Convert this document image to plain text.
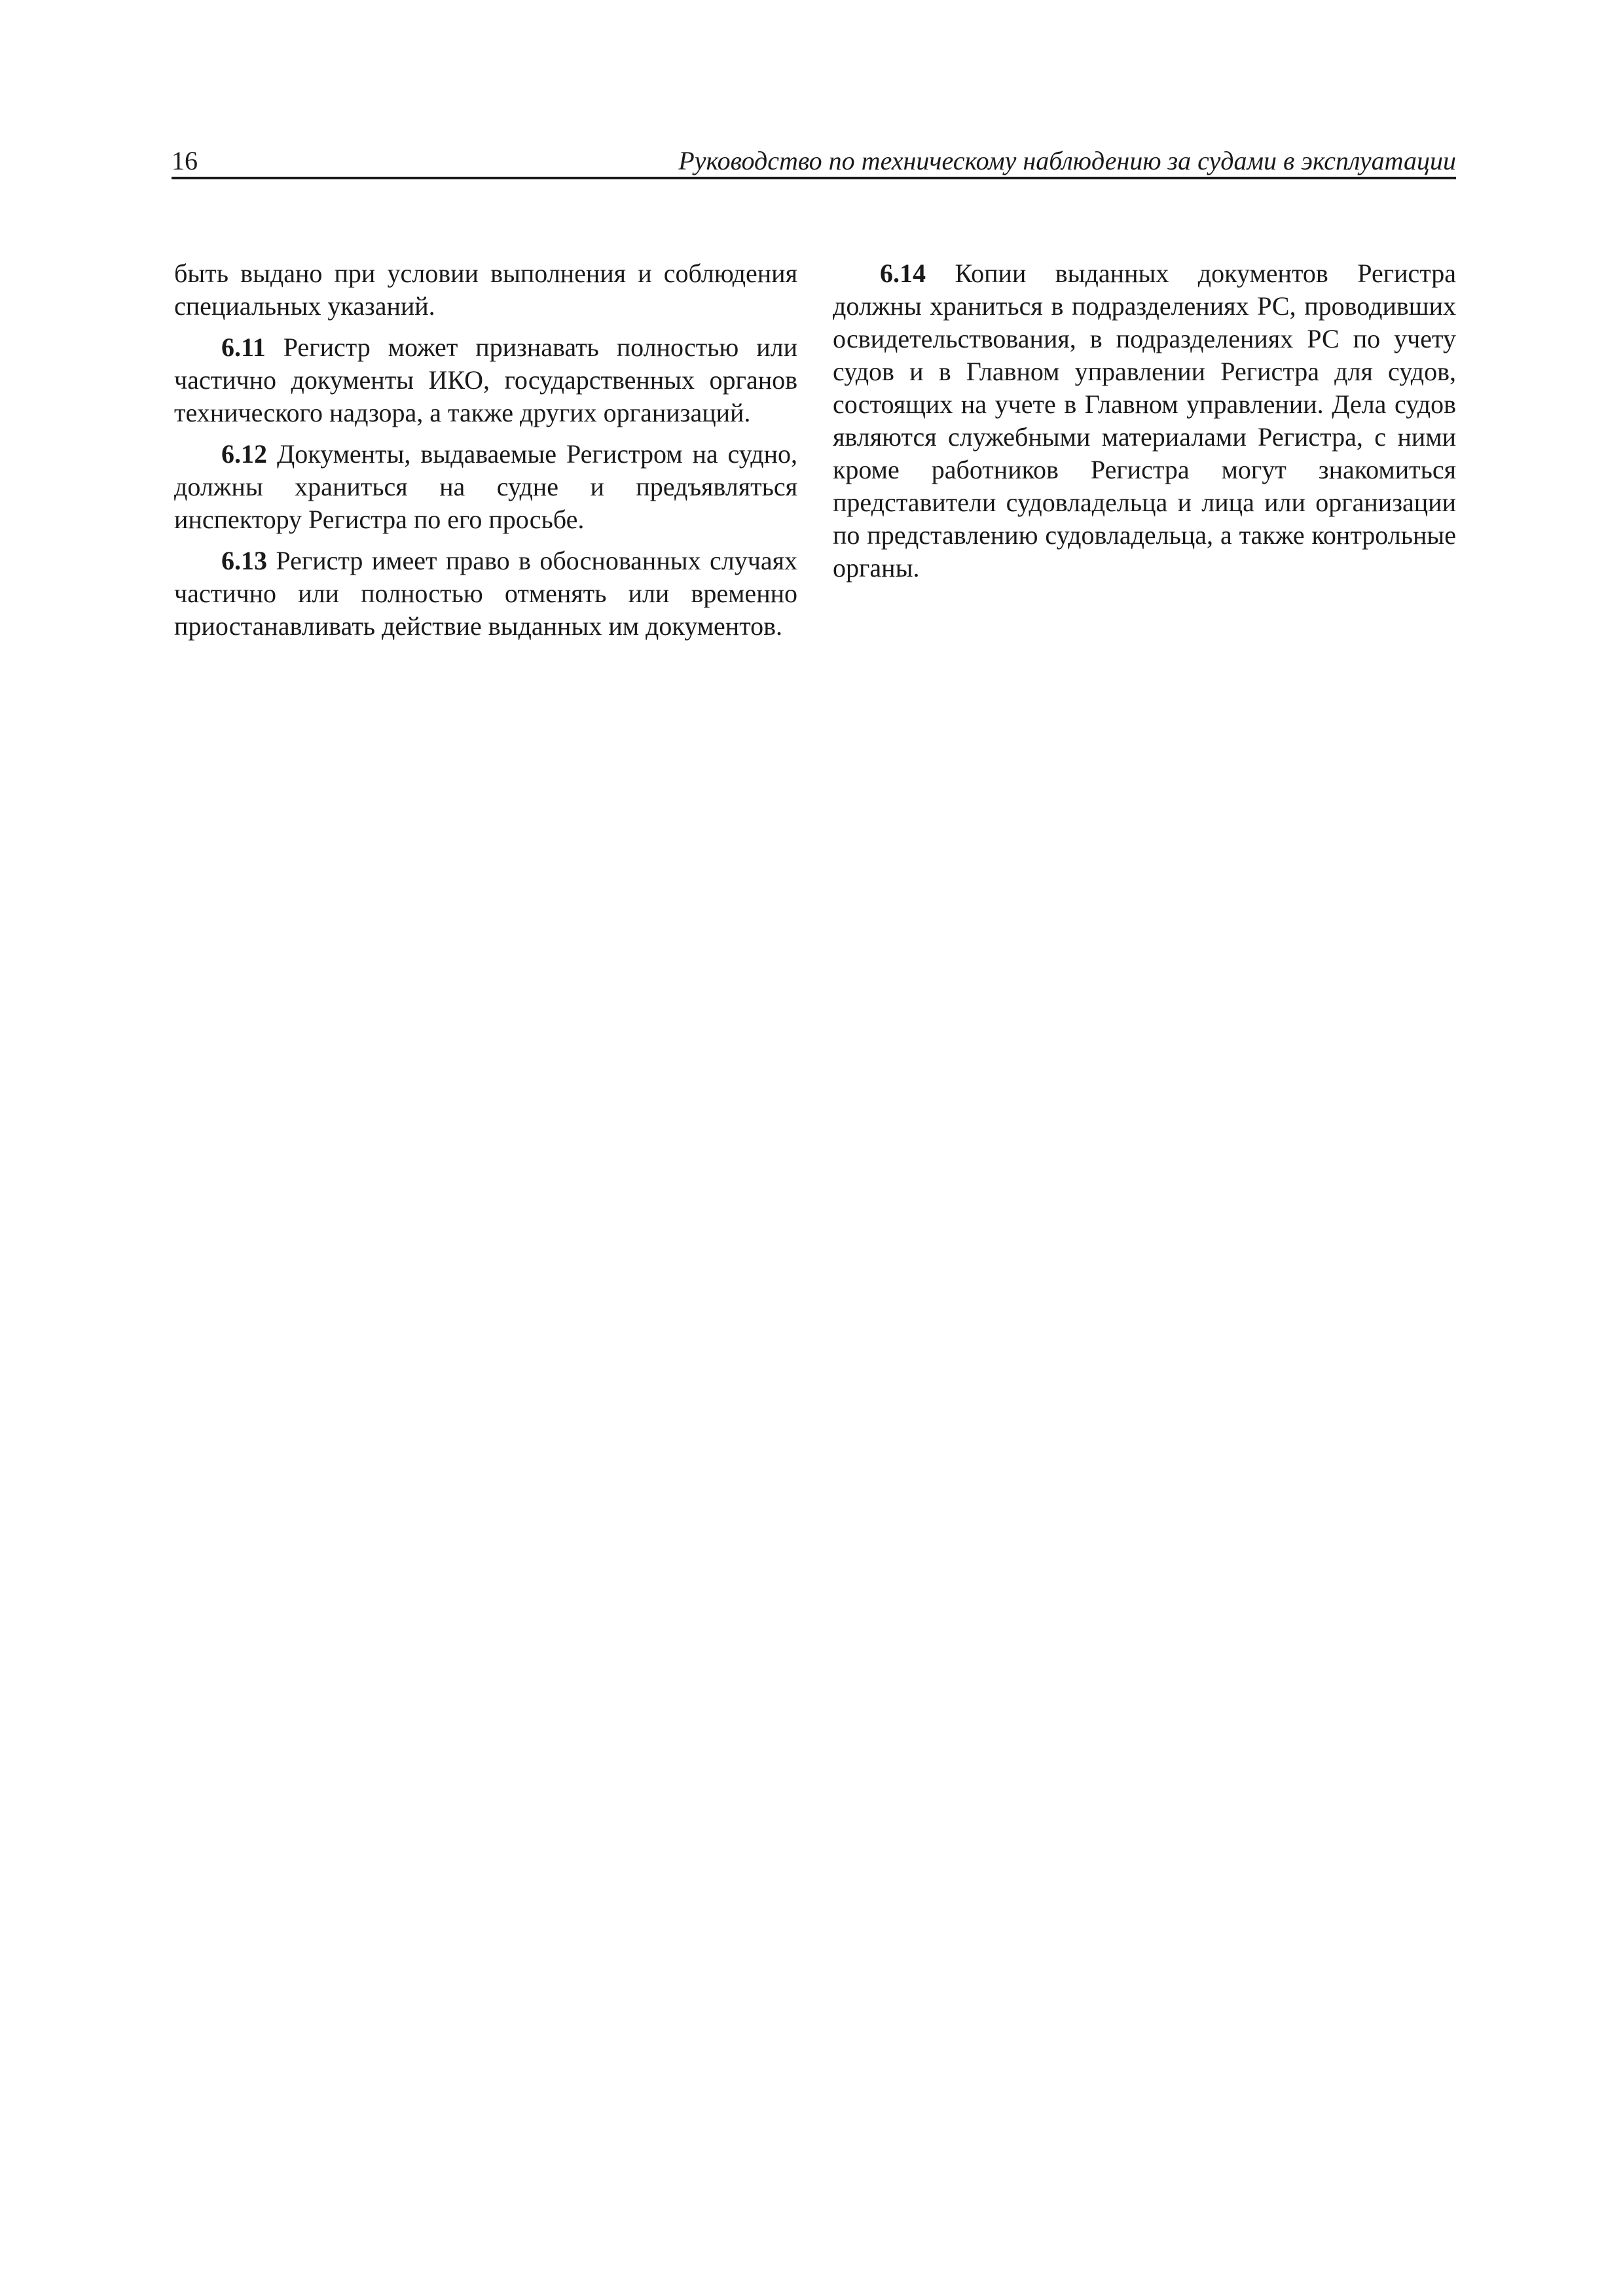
16	Руководство по техническому наблюдению за судами в эксплуатации

быть выдано при условии выполнения и соблюдения специальных указаний.

6.11 Регистр может признавать полностью или частично документы ИКО, государственных органов технического надзора, а также других организаций.

6.12 Документы, выдаваемые Регистром на судно, должны храниться на судне и предъявляться инспектору Регистра по его просьбе.

6.13 Регистр имеет право в обоснованных случаях частично или полностью отменять или временно приостанавливать действие выданных им документов.

6.14 Копии выданных документов Регистра должны храниться в подразделениях РС, проводивших освидетельствования, в подразделениях РС по учету судов и в Главном управлении Регистра для судов, состоящих на учете в Главном управлении. Дела судов являются служебными материалами Регистра, с ними кроме работников Регистра могут знакомиться представители судовладельца и лица или организации по представлению судовладельца, а также контрольные органы.
